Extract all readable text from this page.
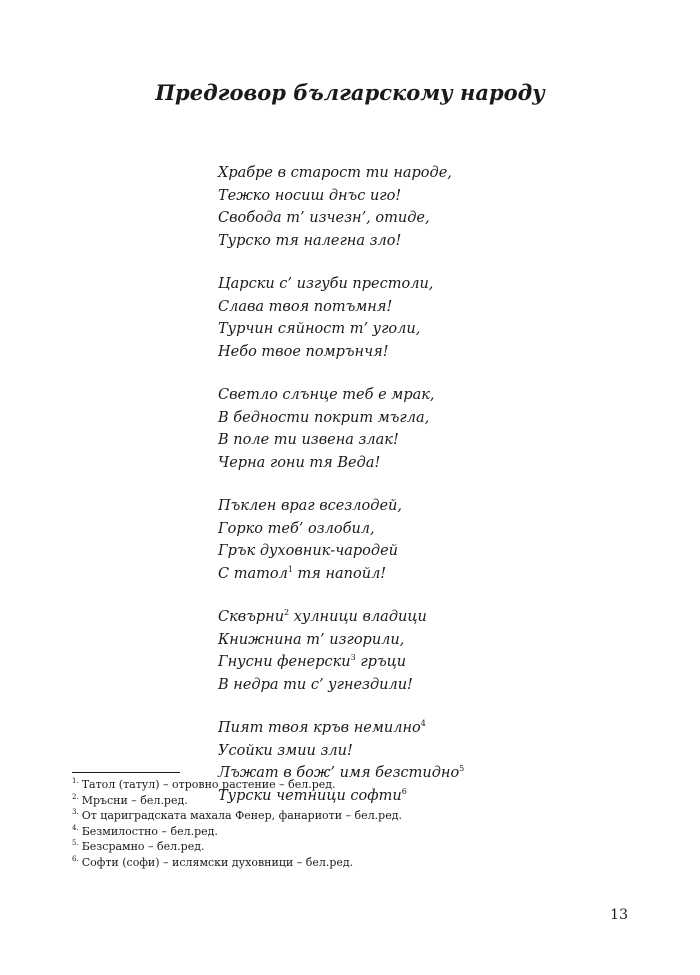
Предговор българскому народу
Храбре в старост ти народе,
Тежко носиш днъс иго!
Свобода т’ изчезн’, отиде,
Турско тя налегна зло!
Царски с’ изгуби престоли,
Слава твоя потъмня!
Турчин сяйност т’ уголи,
Небо твое помрънчя!
Светло слънце теб е мрак,
В бедности покрит мъгла,
В поле ти извена злак!
Черна гони тя Веда!
Пъклен враг всезлодей,
Горко теб’ озлобил,
Грък духовник-чародей
С татол$^1$ тя напойл!
Сквърни$^2$ хулници владици
Книжнина т’ изгорили,
Гнусни фенерски$^3$ гръци
В недра ти с’ угнездили!
Пият твоя кръв немилно$^4$
Усойки змии зли!
Лъжат в бож’ имя безстидно$^5$
Турски четници софти$^6$
$^{1.}$ Татол (татул) – отровно растение – бел.ред.
$^{2.}$ Мръсни – бел.ред.
$^{3.}$ От цариградската махала Фенер, фанариоти – бел.ред.
$^{4.}$ Безмилостно – бел.ред.
$^{5.}$ Безсрамно – бел.ред.
$^{6.}$ Софти (софи) – ислямски духовници – бел.ред.
13
